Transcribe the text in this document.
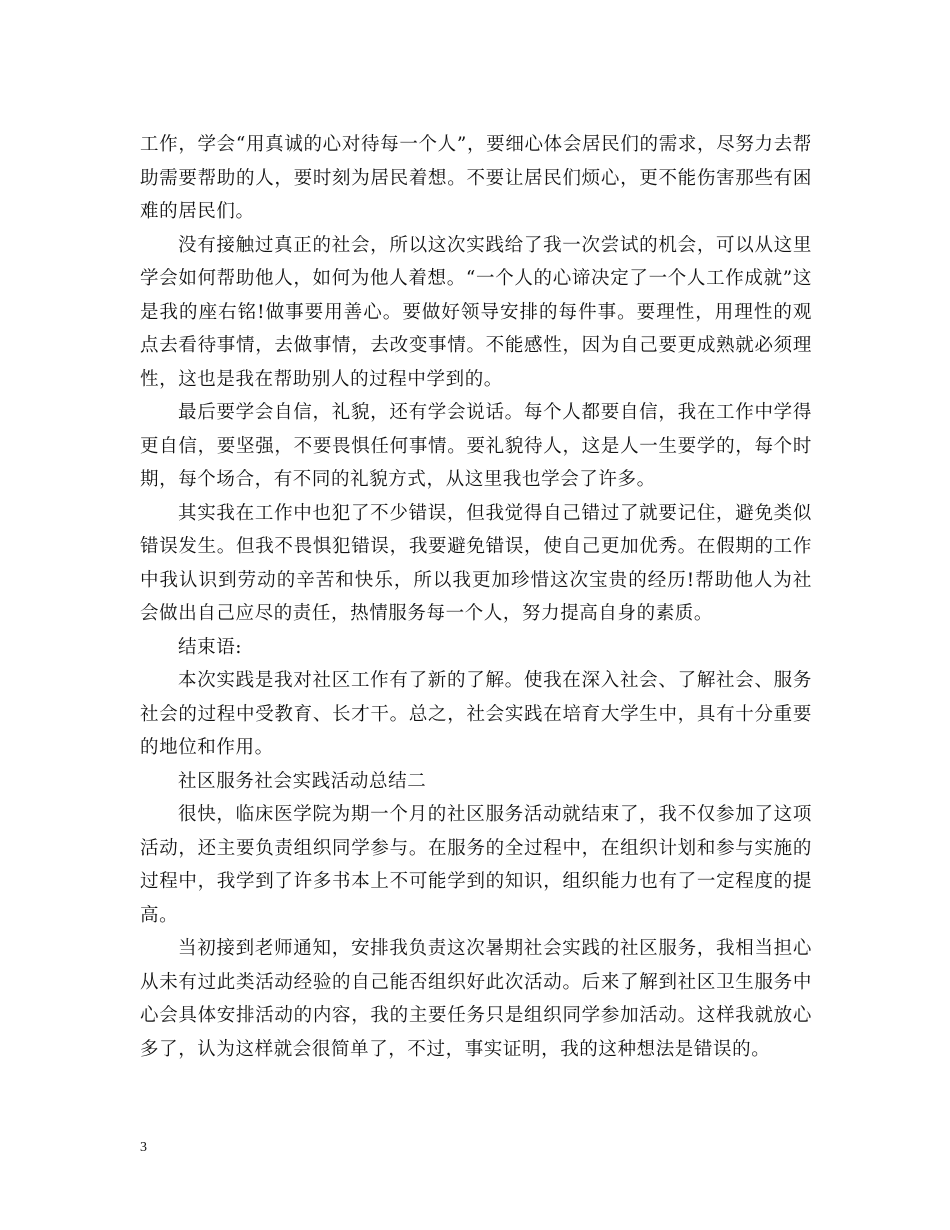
工作，学会“用真诚的心对待每一个人”，要细心体会居民们的需求，尽努力去帮助需要帮助的人，要时刻为居民着想。不要让居民们烦心，更不能伤害那些有困难的居民们。

没有接触过真正的社会，所以这次实践给了我一次尝试的机会，可以从这里学会如何帮助他人，如何为他人着想。“一个人的心谛决定了一个人工作成就”这是我的座右铭!做事要用善心。要做好领导安排的每件事。要理性，用理性的观点去看待事情，去做事情，去改变事情。不能感性，因为自己要更成熟就必须理性，这也是我在帮助别人的过程中学到的。

最后要学会自信，礼貌，还有学会说话。每个人都要自信，我在工作中学得更自信，要坚强，不要畏惧任何事情。要礼貌待人，这是人一生要学的，每个时期，每个场合，有不同的礼貌方式，从这里我也学会了许多。

其实我在工作中也犯了不少错误，但我觉得自己错过了就要记住，避免类似错误发生。但我不畏惧犯错误，我要避免错误，使自己更加优秀。在假期的工作中我认识到劳动的辛苦和快乐，所以我更加珍惜这次宝贵的经历!帮助他人为社会做出自己应尽的责任，热情服务每一个人，努力提高自身的素质。

结束语:

本次实践是我对社区工作有了新的了解。使我在深入社会、了解社会、服务社会的过程中受教育、长才干。总之，社会实践在培育大学生中，具有十分重要的地位和作用。

社区服务社会实践活动总结二

很快，临床医学院为期一个月的社区服务活动就结束了，我不仅参加了这项活动，还主要负责组织同学参与。在服务的全过程中，在组织计划和参与实施的过程中，我学到了许多书本上不可能学到的知识，组织能力也有了一定程度的提高。

当初接到老师通知，安排我负责这次暑期社会实践的社区服务，我相当担心从未有过此类活动经验的自己能否组织好此次活动。后来了解到社区卫生服务中心会具体安排活动的内容，我的主要任务只是组织同学参加活动。这样我就放心多了，认为这样就会很简单了，不过，事实证明，我的这种想法是错误的。

3
